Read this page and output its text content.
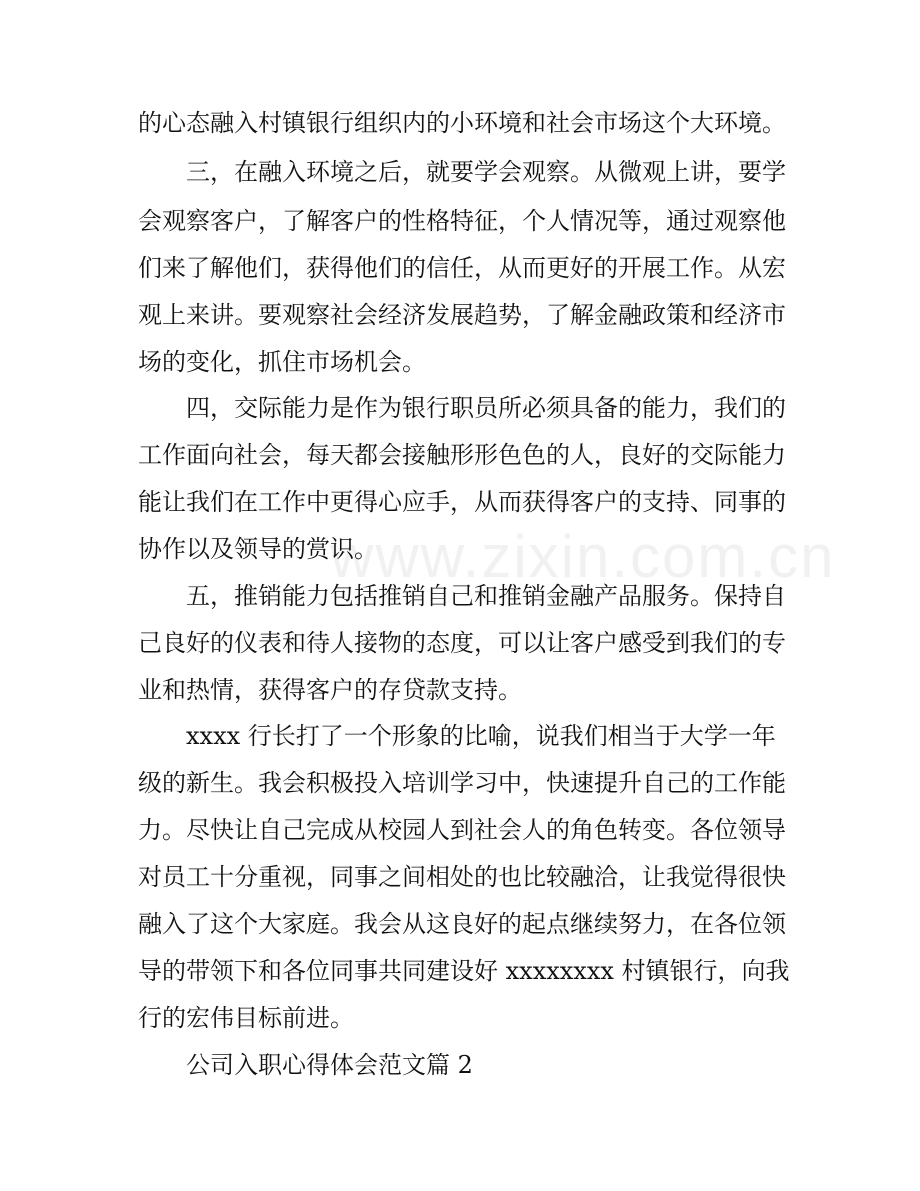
www.zixin.com.cn
的心态融入村镇银行组织内的小环境和社会市场这个大环境。
三，在融入环境之后，就要学会观察。从微观上讲，要学
会观察客户，了解客户的性格特征，个人情况等，通过观察他
们来了解他们，获得他们的信任，从而更好的开展工作。从宏
观上来讲。要观察社会经济发展趋势，了解金融政策和经济市
场的变化，抓住市场机会。
四，交际能力是作为银行职员所必须具备的能力，我们的
工作面向社会，每天都会接触形形色色的人，良好的交际能力
能让我们在工作中更得心应手，从而获得客户的支持、同事的
协作以及领导的赏识。
五，推销能力包括推销自己和推销金融产品服务。保持自
己良好的仪表和待人接物的态度，可以让客户感受到我们的专
业和热情，获得客户的存贷款支持。
xxxx 行长打了一个形象的比喻，说我们相当于大学一年
级的新生。我会积极投入培训学习中，快速提升自己的工作能
力。尽快让自己完成从校园人到社会人的角色转变。各位领导
对员工十分重视，同事之间相处的也比较融洽，让我觉得很快
融入了这个大家庭。我会从这良好的起点继续努力，在各位领
导的带领下和各位同事共同建设好 xxxxxxxx 村镇银行，向我
行的宏伟目标前进。
公司入职心得体会范文篇 2
